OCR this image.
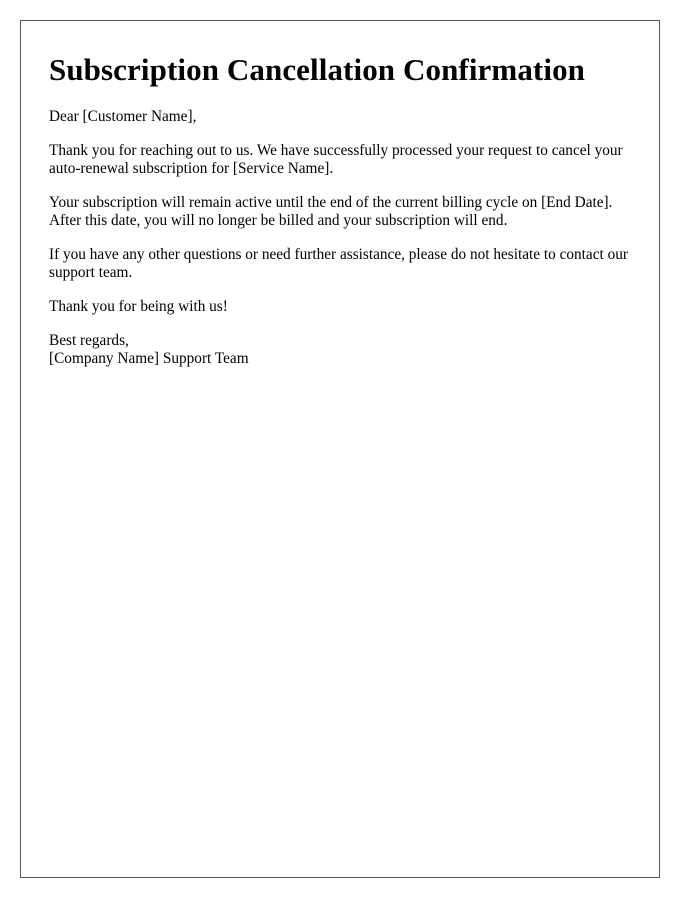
Subscription Cancellation Confirmation

Dear [Customer Name],

Thank you for reaching out to us. We have successfully processed your request to cancel your auto-renewal subscription for [Service Name].

Your subscription will remain active until the end of the current billing cycle on [End Date]. After this date, you will no longer be billed and your subscription will end.

If you have any other questions or need further assistance, please do not hesitate to contact our support team.

Thank you for being with us!

Best regards,
[Company Name] Support Team
